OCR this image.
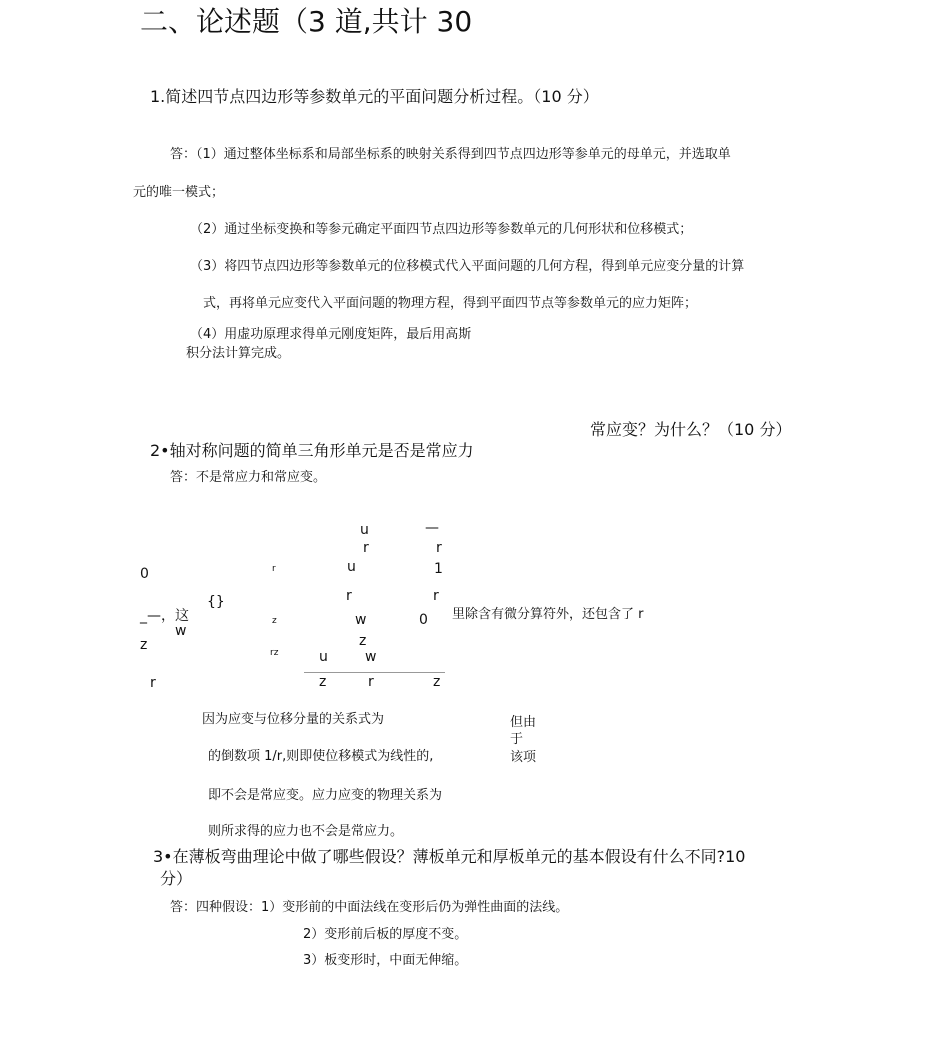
二、论述题（3 道,共计 30
1.简述四节点四边形等参数单元的平面问题分析过程。（10 分）
答：（1）通过整体坐标系和局部坐标系的映射关系得到四节点四边形等参单元的母单元，并选取单
元的唯一模式；
（2）通过坐标变换和等参元确定平面四节点四边形等参数单元的几何形状和位移模式；
（3）将四节点四边形等参数单元的位移模式代入平面问题的几何方程，得到单元应变分量的计算
式，再将单元应变代入平面问题的物理方程，得到平面四节点等参数单元的应力矩阵；
（4）用虚功原理求得单元刚度矩阵，最后用高斯
积分法计算完成。
常应变？为什么？（10 分）
2•轴对称问题的简单三角形单元是否是常应力
答：不是常应力和常应变。
0
_—，这
{}
w
z
r
r
z
rz
u	—
r	r
u	1
r	r
w	0
z
u	w
z	r	z
里除含有微分算符外，还包含了 r
因为应变与位移分量的关系式为	但由
于
该项
的倒数项 1/r,则即使位移模式为线性的,
即不会是常应变。应力应变的物理关系为
则所求得的应力也不会是常应力。
3•在薄板弯曲理论中做了哪些假设？薄板单元和厚板单元的基本假设有什么不同?10
分）
答：四种假设：1）变形前的中面法线在变形后仍为弹性曲面的法线。
2）变形前后板的厚度不变。
3）板变形时，中面无伸缩。
